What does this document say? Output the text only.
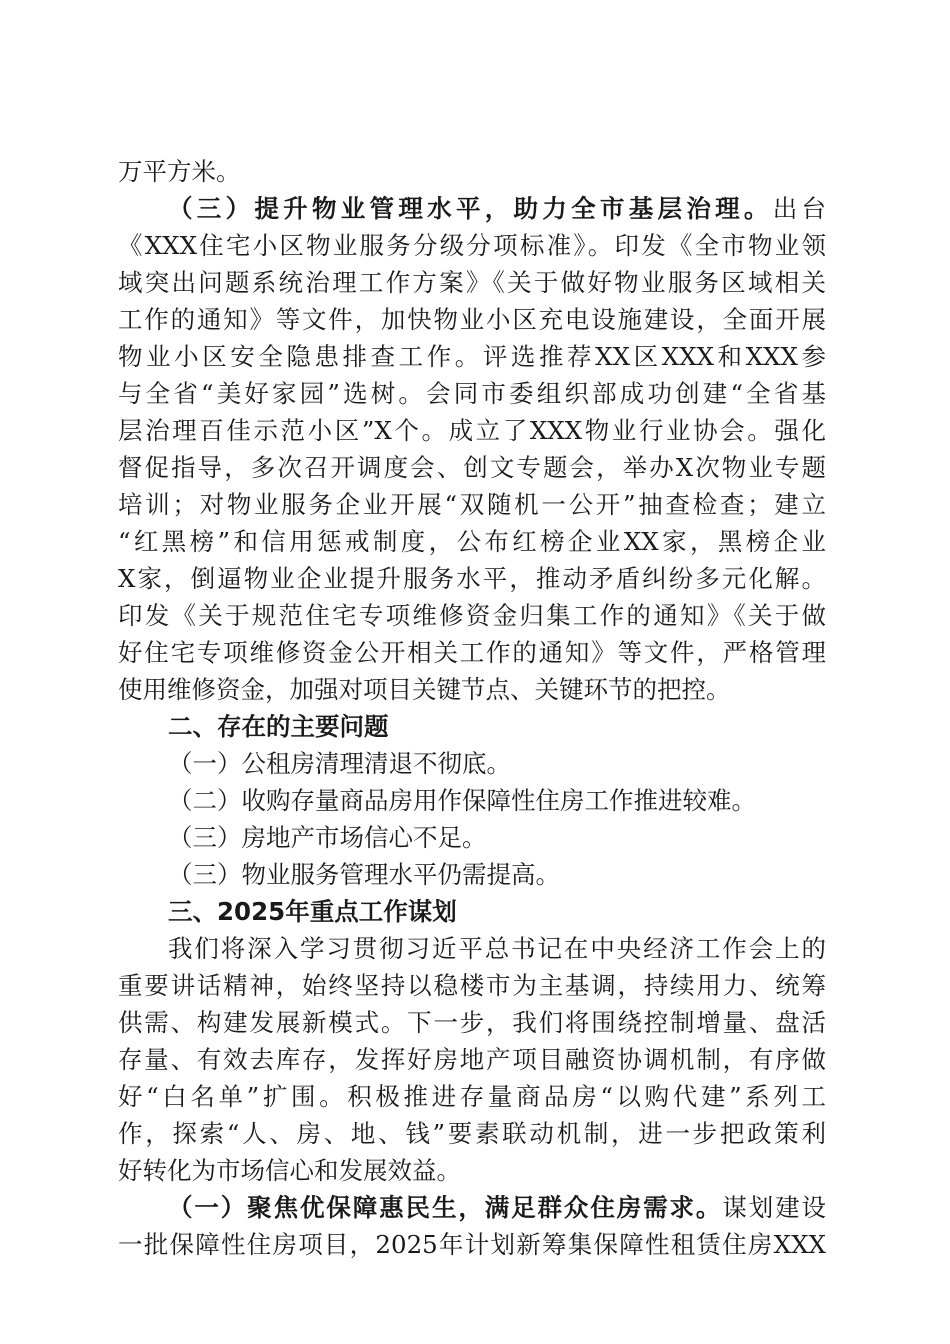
万平方米。
（三）提升物业管理水平，助力全市基层治理。出台
《XXX住宅小区物业服务分级分项标准》。印发《全市物业领
域突出问题系统治理工作方案》《关于做好物业服务区域相关
工作的通知》等文件，加快物业小区充电设施建设，全面开展
物业小区安全隐患排查工作。评选推荐XX区XXX和XXX参
与全省“美好家园”选树。会同市委组织部成功创建“全省基
层治理百佳示范小区”X个。成立了XXX物业行业协会。强化
督促指导，多次召开调度会、创文专题会，举办X次物业专题
培训；对物业服务企业开展“双随机一公开”抽查检查；建立
“红黑榜”和信用惩戒制度，公布红榜企业XX家，黑榜企业
X家，倒逼物业企业提升服务水平，推动矛盾纠纷多元化解。
印发《关于规范住宅专项维修资金归集工作的通知》《关于做
好住宅专项维修资金公开相关工作的通知》等文件，严格管理
使用维修资金，加强对项目关键节点、关键环节的把控。
二、存在的主要问题
（一）公租房清理清退不彻底。
（二）收购存量商品房用作保障性住房工作推进较难。
（三）房地产市场信心不足。
（三）物业服务管理水平仍需提高。
三、2025年重点工作谋划
我们将深入学习贯彻习近平总书记在中央经济工作会上的
重要讲话精神，始终坚持以稳楼市为主基调，持续用力、统筹
供需、构建发展新模式。下一步，我们将围绕控制增量、盘活
存量、有效去库存，发挥好房地产项目融资协调机制，有序做
好“白名单”扩围。积极推进存量商品房“以购代建”系列工
作，探索“人、房、地、钱”要素联动机制，进一步把政策利
好转化为市场信心和发展效益。
（一）聚焦优保障惠民生，满足群众住房需求。谋划建设
一批保障性住房项目，2025年计划新筹集保障性租赁住房XXX
